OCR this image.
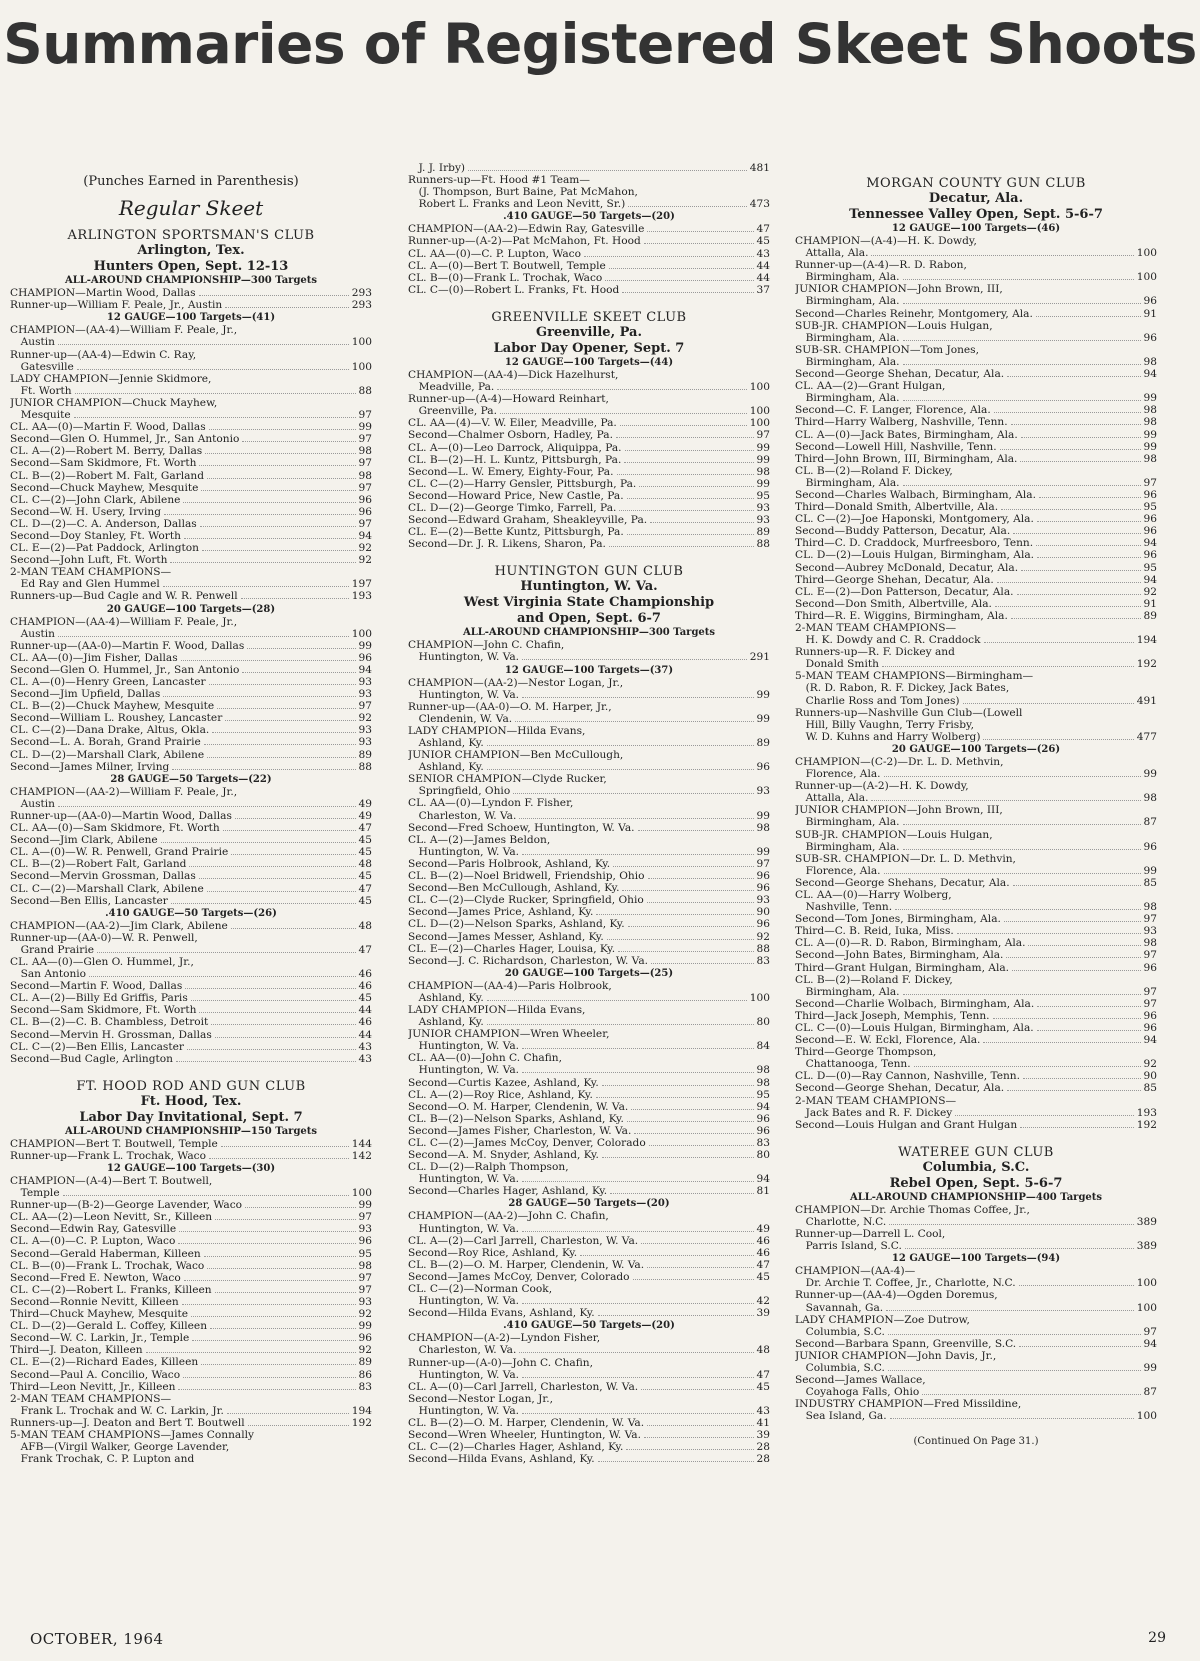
Summaries of Registered Skeet Shoots
(Punches Earned in Parenthesis)
Regular Skeet
ARLINGTON SPORTSMAN'S CLUB
Arlington, Tex.
Hunters Open, Sept. 12-13
ALL-AROUND CHAMPIONSHIP—300 Targets
CHAMPION—Martin Wood, Dallas	293
Runner-up—William F. Peale, Jr., Austin	293
12 GAUGE—100 Targets—(41)
CHAMPION—(AA-4)—William F. Peale, Jr.,
 Austin	100
Runner-up—(AA-4)—Edwin C. Ray,
 Gatesville	100
LADY CHAMPION—Jennie Skidmore,
 Ft. Worth	88
JUNIOR CHAMPION—Chuck Mayhew,
 Mesquite	97
CL. AA—(0)—Martin F. Wood, Dallas	99
Second—Glen O. Hummel, Jr., San Antonio	97
CL. A—(2)—Robert M. Berry, Dallas	98
Second—Sam Skidmore, Ft. Worth	97
CL. B—(2)—Robert M. Falt, Garland	98
Second—Chuck Mayhew, Mesquite	97
CL. C—(2)—John Clark, Abilene	96
Second—W. H. Usery, Irving	96
CL. D—(2)—C. A. Anderson, Dallas	97
Second—Doy Stanley, Ft. Worth	94
CL. E—(2)—Pat Paddock, Arlington	92
Second—John Luft, Ft. Worth	92
2-MAN TEAM CHAMPIONS—
 Ed Ray and Glen Hummel	197
Runners-up—Bud Cagle and W. R. Penwell	193
20 GAUGE—100 Targets—(28)
CHAMPION—(AA-4)—William F. Peale, Jr.,
 Austin	100
Runner-up—(AA-0)—Martin F. Wood, Dallas	99
CL. AA—(0)—Jim Fisher, Dallas	96
Second—Glen O. Hummel, Jr., San Antonio	94
CL. A—(0)—Henry Green, Lancaster	93
Second—Jim Upfield, Dallas	93
CL. B—(2)—Chuck Mayhew, Mesquite	97
Second—William L. Roushey, Lancaster	92
CL. C—(2)—Dana Drake, Altus, Okla.	93
Second—L. A. Borah, Grand Prairie	93
CL. D—(2)—Marshall Clark, Abilene	89
Second—James Milner, Irving	88
28 GAUGE—50 Targets—(22)
CHAMPION—(AA-2)—William F. Peale, Jr.,
 Austin	49
Runner-up—(AA-0)—Martin Wood, Dallas	49
CL. AA—(0)—Sam Skidmore, Ft. Worth	47
Second—Jim Clark, Abilene	45
CL. A—(0)—W. R. Penwell, Grand Prairie	45
CL. B—(2)—Robert Falt, Garland	48
Second—Mervin Grossman, Dallas	45
CL. C—(2)—Marshall Clark, Abilene	47
Second—Ben Ellis, Lancaster	45
.410 GAUGE—50 Targets—(26)
CHAMPION—(AA-2)—Jim Clark, Abilene	48
Runner-up—(AA-0)—W. R. Penwell,
 Grand Prairie	47
CL. AA—(0)—Glen O. Hummel, Jr.,
 San Antonio	46
Second—Martin F. Wood, Dallas	46
CL. A—(2)—Billy Ed Griffis, Paris	45
Second—Sam Skidmore, Ft. Worth	44
CL. B—(2)—C. B. Chambless, Detroit	46
Second—Mervin H. Grossman, Dallas	44
CL. C—(2)—Ben Ellis, Lancaster	43
Second—Bud Cagle, Arlington	43
FT. HOOD ROD AND GUN CLUB
Ft. Hood, Tex.
Labor Day Invitational, Sept. 7
ALL-AROUND CHAMPIONSHIP—150 Targets
CHAMPION—Bert T. Boutwell, Temple	144
Runner-up—Frank L. Trochak, Waco	142
12 GAUGE—100 Targets—(30)
CHAMPION—(A-4)—Bert T. Boutwell,
 Temple	100
Runner-up—(B-2)—George Lavender, Waco	99
CL. AA—(2)—Leon Nevitt, Sr., Killeen	97
Second—Edwin Ray, Gatesville	93
CL. A—(0)—C. P. Lupton, Waco	96
Second—Gerald Haberman, Killeen	95
CL. B—(0)—Frank L. Trochak, Waco	98
Second—Fred E. Newton, Waco	97
CL. C—(2)—Robert L. Franks, Killeen	97
Second—Ronnie Nevitt, Killeen	93
Third—Chuck Mayhew, Mesquite	92
CL. D—(2)—Gerald L. Coffey, Killeen	99
Second—W. C. Larkin, Jr., Temple	96
Third—J. Deaton, Killeen	92
CL. E—(2)—Richard Eades, Killeen	89
Second—Paul A. Concilio, Waco	86
Third—Leon Nevitt, Jr., Killeen	83
2-MAN TEAM CHAMPIONS—
 Frank L. Trochak and W. C. Larkin, Jr.	194
Runners-up—J. Deaton and Bert T. Boutwell	192
5-MAN TEAM CHAMPIONS—James Connally
 AFB—(Virgil Walker, George Lavender,
 Frank Trochak, C. P. Lupton and
 J. J. Irby)	481
Runners-up—Ft. Hood #1 Team—
 (J. Thompson, Burt Baine, Pat McMahon,
 Robert L. Franks and Leon Nevitt, Sr.)	473
.410 GAUGE—50 Targets—(20)
CHAMPION—(AA-2)—Edwin Ray, Gatesville	47
Runner-up—(A-2)—Pat McMahon, Ft. Hood	45
CL. AA—(0)—C. P. Lupton, Waco	43
CL. A—(0)—Bert T. Boutwell, Temple	44
CL. B—(0)—Frank L. Trochak, Waco	44
CL. C—(0)—Robert L. Franks, Ft. Hood	37
GREENVILLE SKEET CLUB
Greenville, Pa.
Labor Day Opener, Sept. 7
12 GAUGE—100 Targets—(44)
CHAMPION—(AA-4)—Dick Hazelhurst,
 Meadville, Pa.	100
Runner-up—(A-4)—Howard Reinhart,
 Greenville, Pa.	100
CL. AA—(4)—V. W. Eiler, Meadville, Pa.	100
Second—Chalmer Osborn, Hadley, Pa.	97
CL. A—(0)—Leo Darrock, Aliquippa, Pa.	99
CL. B—(2)—H. L. Kuntz, Pittsburgh, Pa.	99
Second—L. W. Emery, Eighty-Four, Pa.	98
CL. C—(2)—Harry Gensler, Pittsburgh, Pa.	99
Second—Howard Price, New Castle, Pa.	95
CL. D—(2)—George Timko, Farrell, Pa.	93
Second—Edward Graham, Sheakleyville, Pa.	93
CL. E—(2)—Bette Kuntz, Pittsburgh, Pa.	89
Second—Dr. J. R. Likens, Sharon, Pa.	88
HUNTINGTON GUN CLUB
Huntington, W. Va.
West Virginia State Championship
and Open, Sept. 6-7
ALL-AROUND CHAMPIONSHIP—300 Targets
CHAMPION—John C. Chafin,
 Huntington, W. Va.	291
12 GAUGE—100 Targets—(37)
CHAMPION—(AA-2)—Nestor Logan, Jr.,
 Huntington, W. Va.	99
Runner-up—(AA-0)—O. M. Harper, Jr.,
 Clendenin, W. Va.	99
LADY CHAMPION—Hilda Evans,
 Ashland, Ky.	89
JUNIOR CHAMPION—Ben McCullough,
 Ashland, Ky.	96
SENIOR CHAMPION—Clyde Rucker,
 Springfield, Ohio	93
CL. AA—(0)—Lyndon F. Fisher,
 Charleston, W. Va.	99
Second—Fred Schoew, Huntington, W. Va.	98
CL. A—(2)—James Beldon,
 Huntington, W. Va.	99
Second—Paris Holbrook, Ashland, Ky.	97
CL. B—(2)—Noel Bridwell, Friendship, Ohio	96
Second—Ben McCullough, Ashland, Ky.	96
CL. C—(2)—Clyde Rucker, Springfield, Ohio	93
Second—James Price, Ashland, Ky.	90
CL. D—(2)—Nelson Sparks, Ashland, Ky.	96
Second—James Messer, Ashland, Ky.	92
CL. E—(2)—Charles Hager, Louisa, Ky.	88
Second—J. C. Richardson, Charleston, W. Va.	83
20 GAUGE—100 Targets—(25)
CHAMPION—(AA-4)—Paris Holbrook,
 Ashland, Ky.	100
LADY CHAMPION—Hilda Evans,
 Ashland, Ky.	80
JUNIOR CHAMPION—Wren Wheeler,
 Huntington, W. Va.	84
CL. AA—(0)—John C. Chafin,
 Huntington, W. Va.	98
Second—Curtis Kazee, Ashland, Ky.	98
CL. A—(2)—Roy Rice, Ashland, Ky.	95
Second—O. M. Harper, Clendenin, W. Va.	94
CL. B—(2)—Nelson Sparks, Ashland, Ky.	96
Second—James Fisher, Charleston, W. Va.	96
CL. C—(2)—James McCoy, Denver, Colorado	83
Second—A. M. Snyder, Ashland, Ky.	80
CL. D—(2)—Ralph Thompson,
 Huntington, W. Va.	94
Second—Charles Hager, Ashland, Ky.	81
28 GAUGE—50 Targets—(20)
CHAMPION—(AA-2)—John C. Chafin,
 Huntington, W. Va.	49
CL. A—(2)—Carl Jarrell, Charleston, W. Va.	46
Second—Roy Rice, Ashland, Ky.	46
CL. B—(2)—O. M. Harper, Clendenin, W. Va.	47
Second—James McCoy, Denver, Colorado	45
CL. C—(2)—Norman Cook,
 Huntington, W. Va.	42
Second—Hilda Evans, Ashland, Ky.	39
.410 GAUGE—50 Targets—(20)
CHAMPION—(A-2)—Lyndon Fisher,
 Charleston, W. Va.	48
Runner-up—(A-0)—John C. Chafin,
 Huntington, W. Va.	47
CL. A—(0)—Carl Jarrell, Charleston, W. Va.	45
Second—Nestor Logan, Jr.,
 Huntington, W. Va.	43
CL. B—(2)—O. M. Harper, Clendenin, W. Va.	41
Second—Wren Wheeler, Huntington, W. Va.	39
CL. C—(2)—Charles Hager, Ashland, Ky.	28
Second—Hilda Evans, Ashland, Ky.	28
MORGAN COUNTY GUN CLUB
Decatur, Ala.
Tennessee Valley Open, Sept. 5-6-7
12 GAUGE—100 Targets—(46)
CHAMPION—(A-4)—H. K. Dowdy,
 Attalla, Ala.	100
Runner-up—(A-4)—R. D. Rabon,
 Birmingham, Ala.	100
JUNIOR CHAMPION—John Brown, III,
 Birmingham, Ala.	96
Second—Charles Reinehr, Montgomery, Ala.	91
SUB-JR. CHAMPION—Louis Hulgan,
 Birmingham, Ala.	96
SUB-SR. CHAMPION—Tom Jones,
 Birmingham, Ala.	98
Second—George Shehan, Decatur, Ala.	94
CL. AA—(2)—Grant Hulgan,
 Birmingham, Ala.	99
Second—C. F. Langer, Florence, Ala.	98
Third—Harry Walberg, Nashville, Tenn.	98
CL. A—(0)—Jack Bates, Birmingham, Ala.	99
Second—Lowell Hill, Nashville, Tenn.	99
Third—John Brown, III, Birmingham, Ala.	98
CL. B—(2)—Roland F. Dickey,
 Birmingham, Ala.	97
Second—Charles Walbach, Birmingham, Ala.	96
Third—Donald Smith, Albertville, Ala.	95
CL. C—(2)—Joe Haponski, Montgomery, Ala.	96
Second—Buddy Patterson, Decatur, Ala.	96
Third—C. D. Craddock, Murfreesboro, Tenn.	94
CL. D—(2)—Louis Hulgan, Birmingham, Ala.	96
Second—Aubrey McDonald, Decatur, Ala.	95
Third—George Shehan, Decatur, Ala.	94
CL. E—(2)—Don Patterson, Decatur, Ala.	92
Second—Don Smith, Albertville, Ala.	91
Third—R. E. Wiggins, Birmingham, Ala.	89
2-MAN TEAM CHAMPIONS—
 H. K. Dowdy and C. R. Craddock	194
Runners-up—R. F. Dickey and
 Donald Smith	192
5-MAN TEAM CHAMPIONS—Birmingham—
 (R. D. Rabon, R. F. Dickey, Jack Bates,
 Charlie Ross and Tom Jones)	491
Runners-up—Nashville Gun Club—(Lowell
 Hill, Billy Vaughn, Terry Frisby,
 W. D. Kuhns and Harry Wolberg)	477
20 GAUGE—100 Targets—(26)
CHAMPION—(C-2)—Dr. L. D. Methvin,
 Florence, Ala.	99
Runner-up—(A-2)—H. K. Dowdy,
 Attalla, Ala.	98
JUNIOR CHAMPION—John Brown, III,
 Birmingham, Ala.	87
SUB-JR. CHAMPION—Louis Hulgan,
 Birmingham, Ala.	96
SUB-SR. CHAMPION—Dr. L. D. Methvin,
 Florence, Ala.	99
Second—George Shehans, Decatur, Ala.	85
CL. AA—(0)—Harry Wolberg,
 Nashville, Tenn.	98
Second—Tom Jones, Birmingham, Ala.	97
Third—C. B. Reid, Iuka, Miss.	93
CL. A—(0)—R. D. Rabon, Birmingham, Ala.	98
Second—John Bates, Birmingham, Ala.	97
Third—Grant Hulgan, Birmingham, Ala.	96
CL. B—(2)—Roland F. Dickey,
 Birmingham, Ala.	97
Second—Charlie Wolbach, Birmingham, Ala.	97
Third—Jack Joseph, Memphis, Tenn.	96
CL. C—(0)—Louis Hulgan, Birmingham, Ala.	96
Second—E. W. Eckl, Florence, Ala.	94
Third—George Thompson,
 Chattanooga, Tenn.	92
CL. D—(0)—Ray Cannon, Nashville, Tenn.	90
Second—George Shehan, Decatur, Ala.	85
2-MAN TEAM CHAMPIONS—
 Jack Bates and R. F. Dickey	193
Second—Louis Hulgan and Grant Hulgan	192
WATEREE GUN CLUB
Columbia, S.C.
Rebel Open, Sept. 5-6-7
ALL-AROUND CHAMPIONSHIP—400 Targets
CHAMPION—Dr. Archie Thomas Coffee, Jr.,
 Charlotte, N.C.	389
Runner-up—Darrell L. Cool,
 Parris Island, S.C.	389
12 GAUGE—100 Targets—(94)
CHAMPION—(AA-4)—
 Dr. Archie T. Coffee, Jr., Charlotte, N.C.	100
Runner-up—(AA-4)—Ogden Doremus,
 Savannah, Ga.	100
LADY CHAMPION—Zoe Dutrow,
 Columbia, S.C.	97
Second—Barbara Spann, Greenville, S.C.	94
JUNIOR CHAMPION—John Davis, Jr.,
 Columbia, S.C.	99
Second—James Wallace,
 Coyahoga Falls, Ohio	87
INDUSTRY CHAMPION—Fred Missildine,
 Sea Island, Ga.	100
(Continued On Page 31.)
OCTOBER, 1964	29
